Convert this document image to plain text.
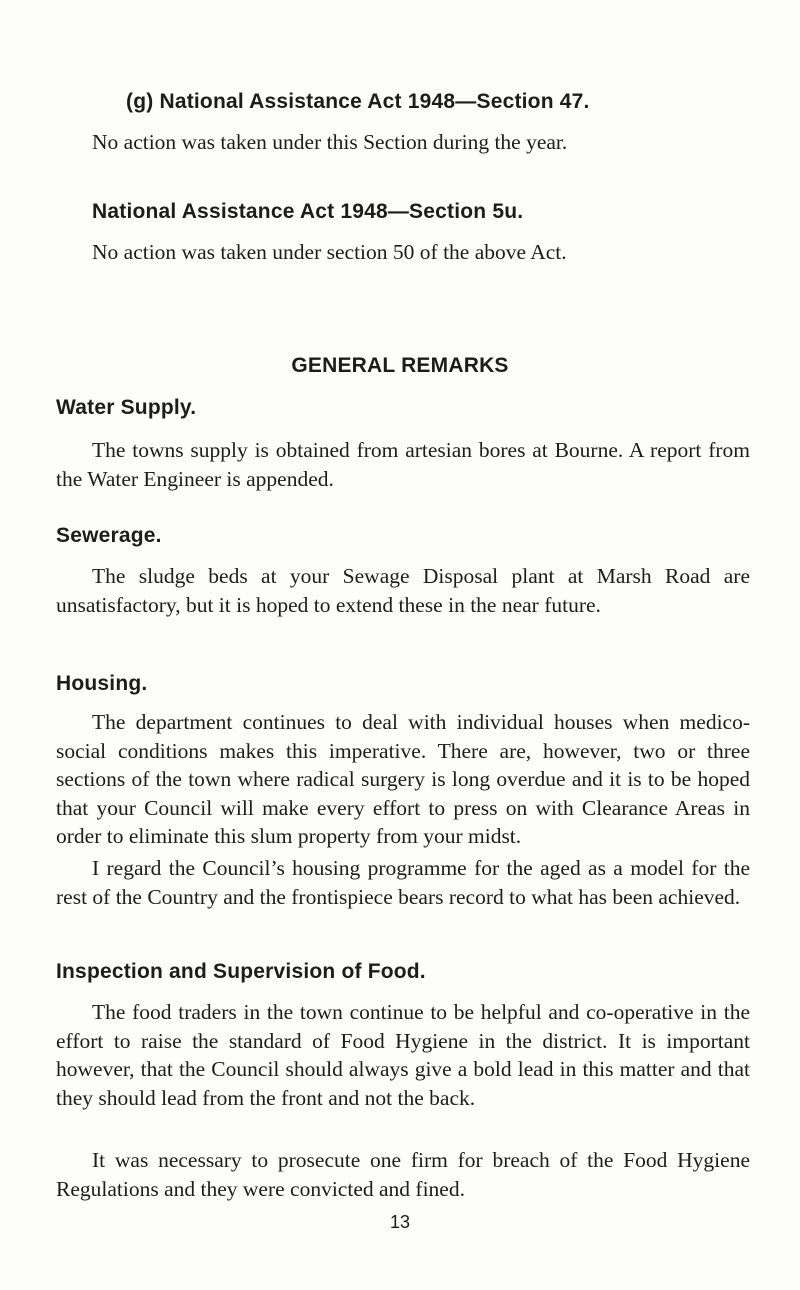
(g) National Assistance Act 1948—Section 47.

No action was taken under this Section during the year.

National Assistance Act 1948—Section 5u.

No action was taken under section 50 of the above Act.

GENERAL REMARKS
Water Supply.

The towns supply is obtained from artesian bores at Bourne. A report from the Water Engineer is appended.

Sewerage.

The sludge beds at your Sewage Disposal plant at Marsh Road are unsatisfactory, but it is hoped to extend these in the near future.

Housing.

The department continues to deal with individual houses when medico-social conditions makes this imperative. There are, however, two or three sections of the town where radical surgery is long overdue and it is to be hoped that your Council will make every effort to press on with Clearance Areas in order to eliminate this slum property from your midst.

I regard the Council’s housing programme for the aged as a model for the rest of the Country and the frontispiece bears record to what has been achieved.

Inspection and Supervision of Food.

The food traders in the town continue to be helpful and co-operative in the effort to raise the standard of Food Hygiene in the district. It is important however, that the Council should always give a bold lead in this matter and that they should lead from the front and not the back.

It was necessary to prosecute one firm for breach of the Food Hygiene Regulations and they were convicted and fined.

13
